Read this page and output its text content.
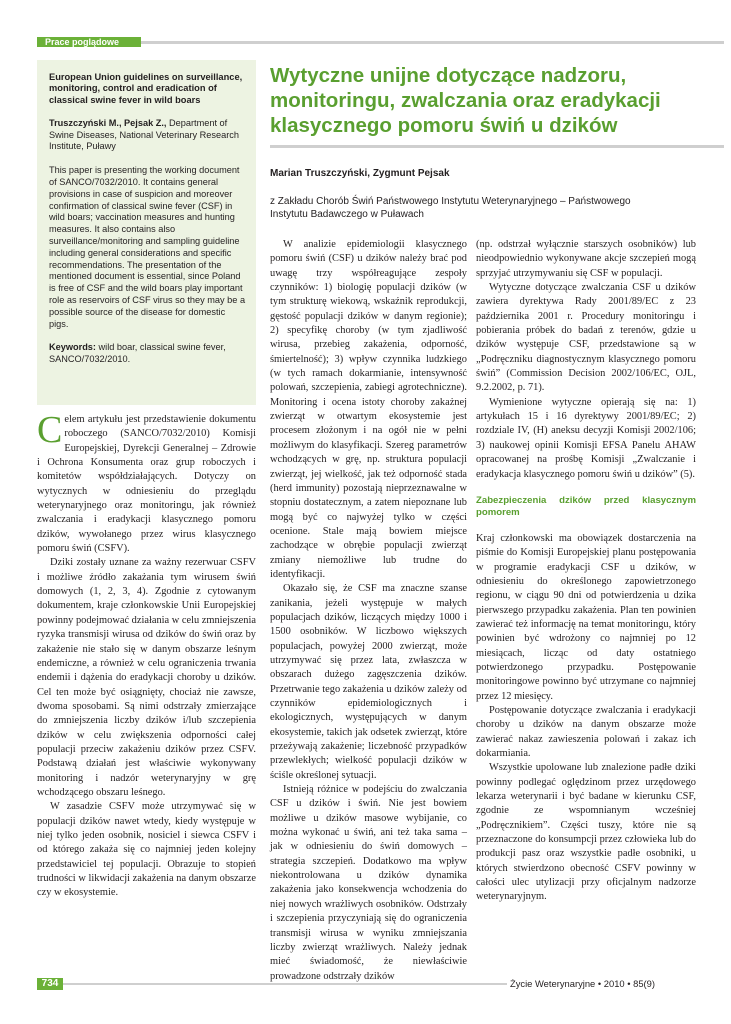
Prace poglądowe

European Union guidelines on surveillance, monitoring, control and eradication of classical swine fever in wild boars

Truszczyński M., Pejsak Z., Department of Swine Diseases, National Veterinary Research Institute, Puławy

This paper is presenting the working document of SANCO/7032/2010. It contains general provisions in case of suspicion and moreover confirmation of classical swine fever (CSF) in wild boars; vaccination measures and hunting measures. It also contains also surveillance/monitoring and sampling guideline including general considerations and specific recommendations. The presentation of the mentioned document is essential, since Poland is free of CSF and the wild boars play important role as reservoirs of CSF virus so they may be a possible source of the disease for domestic pigs.

Keywords: wild boar, classical swine fever, SANCO/7032/2010.

Wytyczne unijne dotyczące nadzoru, monitoringu, zwalczania oraz eradykacji klasycznego pomoru świń u dzików

Marian Truszczyński, Zygmunt Pejsak

z Zakładu Chorób Świń Państwowego Instytutu Weterynaryjnego – Państwowego Instytutu Badawczego w Puławach

Celem artykułu jest przedstawienie dokumentu roboczego (SANCO/7032/2010) Komisji Europejskiej, Dyrekcji Generalnej – Zdrowie i Ochrona Konsumenta oraz grup roboczych i komitetów współdziałających. Dotyczy on wytycznych w odniesieniu do przeglądu weterynaryjnego oraz monitoringu, jak również zwalczania i eradykacji klasycznego pomoru dzików, wywołanego przez wirus klasycznego pomoru świń (CSFV).

Dziki zostały uznane za ważny rezerwuar CSFV i możliwe źródło zakażania tym wirusem świń domowych (1, 2, 3, 4). Zgodnie z cytowanym dokumentem, kraje członkowskie Unii Europejskiej powinny podejmować działania w celu zmniejszenia ryzyka transmisji wirusa od dzików do świń oraz by zakażenie nie stało się w danym obszarze leśnym endemiczne, a również w celu ograniczenia trwania endemii i dążenia do eradykacji choroby u dzików. Cel ten może być osiągnięty, chociaż nie zawsze, dwoma sposobami. Są nimi odstrzały zmierzające do zmniejszenia liczby dzików i/lub szczepienia dzików w celu zwiększenia odporności całej populacji przeciw zakażeniu dzików przez CSFV. Podstawą działań jest właściwie wykonywany monitoring i nadzór weterynaryjny w grę wchodzącego obszaru leśnego.

W zasadzie CSFV może utrzymywać się w populacji dzików nawet wtedy, kiedy występuje w niej tylko jeden osobnik, nosiciel i siewca CSFV i od którego zakaża się co najmniej jeden kolejny przedstawiciel tej populacji. Obrazuje to stopień trudności w likwidacji zakażenia na danym obszarze czy w ekosystemie.

W analizie epidemiologii klasycznego pomoru świń (CSF) u dzików należy brać pod uwagę trzy współreagujące zespoły czynników: 1) biologię populacji dzików (w tym strukturę wiekową, wskaźnik reprodukcji, gęstość populacji dzików w danym regionie); 2) specyfikę choroby (w tym zjadliwość wirusa, przebieg zakażenia, odporność, śmiertelność); 3) wpływ czynnika ludzkiego (w tych ramach dokarmianie, intensywność polowań, szczepienia, zabiegi agrotechniczne). Monitoring i ocena istoty choroby zakażnej zwierząt w otwartym ekosystemie jest procesem złożonym i na ogół nie w pełni możliwym do klasyfikacji. Szereg parametrów wchodzących w grę, np. struktura populacji zwierząt, jej wielkość, jak też odporność stada (herd immunity) pozostają nieprzeznawalne w stopniu dostatecznym, a zatem niepoznane lub mogą być co najwyżej tylko w części ocenione. Stale mają bowiem miejsce zachodzące w obrębie populacji zwierząt zmiany niemożliwe lub trudne do identyfikacji.

Okazało się, że CSF ma znaczne szanse zanikania, jeżeli występuje w małych populacjach dzików, liczących między 1000 i 1500 osobników. W liczbowo większych populacjach, powyżej 2000 zwierząt, może utrzymywać się przez lata, zwłaszcza w obszarach dużego zagęszczenia dzików. Przetrwanie tego zakażenia u dzików zależy od czynników epidemiologicznych i ekologicznych, występujących w danym ekosystemie, takich jak odsetek zwierząt, które przeżywają zakażenie; liczebność przypadków przewlekłych; wielkość populacji dzików w ściśle określonej sytuacji.

Istnieją różnice w podejściu do zwalczania CSF u dzików i świń. Nie jest bowiem możliwe u dzików masowe wybijanie, co można wykonać u świń, ani też taka sama – jak w odniesieniu do świń domowych – strategia szczepień. Dodatkowo ma wpływ niekontrolowana u dzików dynamika zakażenia jako konsekwencja wchodzenia do niej nowych wrażliwych osobników. Odstrzały i szczepienia przyczyniają się do ograniczenia transmisji wirusa w wyniku zmniejszania liczby zwierząt wrażliwych. Należy jednak mieć świadomość, że niewłaściwie prowadzone odstrzały dzików

(np. odstrzał wyłącznie starszych osobników) lub nieodpowiednio wykonywane akcje szczepień mogą sprzyjać utrzymywaniu się CSF w populacji.

Wytyczne dotyczące zwalczania CSF u dzików zawiera dyrektywa Rady 2001/89/EC z 23 października 2001 r. Procedury monitoringu i pobierania próbek do badań z terenów, gdzie u dzików występuje CSF, przedstawione są w „Podręczniku diagnostycznym klasycznego pomoru świń” (Commission Decision 2002/106/EC, OJL, 9.2.2002, p. 71).

Wymienione wytyczne opierają się na: 1) artykułach 15 i 16 dyrektywy 2001/89/EC; 2) rozdziale IV, (H) aneksu decyzji Komisji 2002/106; 3) naukowej opinii Komisji EFSA Panelu AHAW opracowanej na prośbę Komisji „Zwalczanie i eradykacja klasycznego pomoru świń u dzików” (5).

Zabezpieczenia dzików przed klasycznym pomorem

Kraj członkowski ma obowiązek dostarczenia na piśmie do Komisji Europejskiej planu postępowania w programie eradykacji CSF u dzików, w odniesieniu do określonego zapowietrzonego regionu, w ciągu 90 dni od potwierdzenia u dzika pierwszego przypadku zakażenia. Plan ten powinien zawierać też informację na temat monitoringu, który powinien być wdrożony co najmniej po 12 miesiącach, licząc od daty ostatniego potwierdzonego przypadku. Postępowanie monitoringowe powinno być utrzymane co najmniej przez 12 miesięcy.

Postępowanie dotyczące zwalczania i eradykacji choroby u dzików na danym obszarze może zawierać nakaz zawieszenia polowań i zakaz ich dokarmiania.

Wszystkie upolowane lub znalezione padłe dziki powinny podlegać oględzinom przez urzędowego lekarza weterynarii i być badane w kierunku CSF, zgodnie ze wspomnianym wcześniej „Podręcznikiem”. Części tuszy, które nie są przeznaczone do konsumpcji przez człowieka lub do produkcji pasz oraz wszystkie padłe osobniki, u których stwierdzono obecność CSFV powinny w całości ulec utylizacji przy oficjalnym nadzorze weterynaryjnym.

734	Życie Weterynaryjne • 2010 • 85(9)
